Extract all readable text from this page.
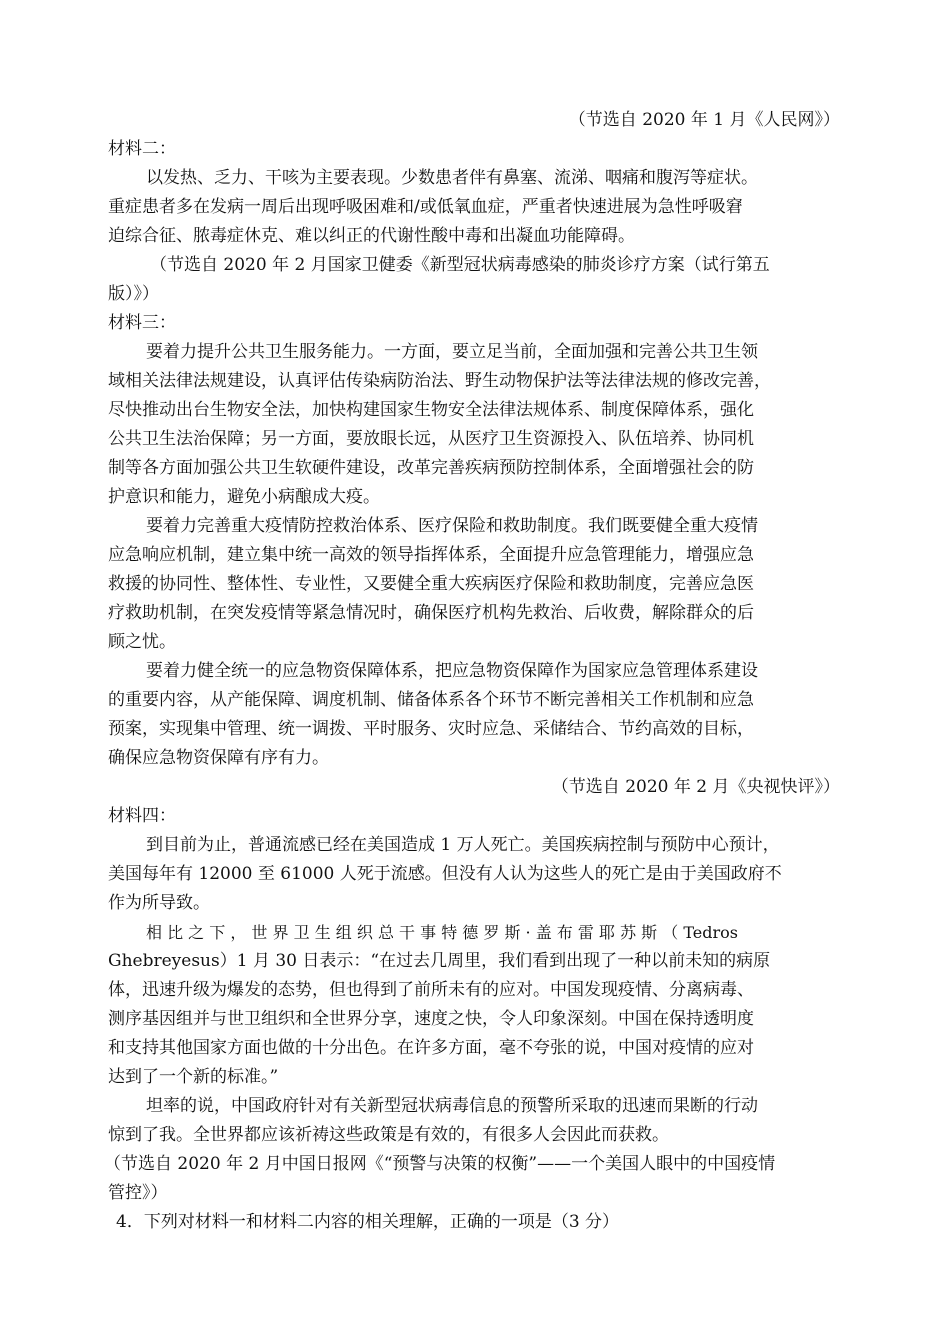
（节选自 2020 年 1 月《人民网》）
材料二：
以发热、乏力、干咳为主要表现。少数患者伴有鼻塞、流涕、咽痛和腹泻等症状。
重症患者多在发病一周后出现呼吸困难和/或低氧血症，严重者快速进展为急性呼吸窘
迫综合征、脓毒症休克、难以纠正的代谢性酸中毒和出凝血功能障碍。
（节选自 2020 年 2 月国家卫健委《新型冠状病毒感染的肺炎诊疗方案（试行第五
版）》）
材料三：
要着力提升公共卫生服务能力。一方面，要立足当前，全面加强和完善公共卫生领
域相关法律法规建设，认真评估传染病防治法、野生动物保护法等法律法规的修改完善，
尽快推动出台生物安全法，加快构建国家生物安全法律法规体系、制度保障体系，强化
公共卫生法治保障；另一方面，要放眼长远，从医疗卫生资源投入、队伍培养、协同机
制等各方面加强公共卫生软硬件建设，改革完善疾病预防控制体系，全面增强社会的防
护意识和能力，避免小病酿成大疫。
要着力完善重大疫情防控救治体系、医疗保险和救助制度。我们既要健全重大疫情
应急响应机制，建立集中统一高效的领导指挥体系，全面提升应急管理能力，增强应急
救援的协同性、整体性、专业性，又要健全重大疾病医疗保险和救助制度，完善应急医
疗救助机制，在突发疫情等紧急情况时，确保医疗机构先救治、后收费，解除群众的后
顾之忧。
要着力健全统一的应急物资保障体系，把应急物资保障作为国家应急管理体系建设
的重要内容，从产能保障、调度机制、储备体系各个环节不断完善相关工作机制和应急
预案，实现集中管理、统一调拨、平时服务、灾时应急、采储结合、节约高效的目标，
确保应急物资保障有序有力。
（节选自 2020 年 2 月《央视快评》）
材料四：
到目前为止，普通流感已经在美国造成 1 万人死亡。美国疾病控制与预防中心预计，
美国每年有 12000 至 61000 人死于流感。但没有人认为这些人的死亡是由于美国政府不
作为所导致。
相 比 之 下 ， 世 界 卫 生 组 织 总 干 事 特 德 罗 斯 · 盖 布 雷 耶 苏 斯 （ Tedros
Ghebreyesus）1 月 30 日表示：“在过去几周里，我们看到出现了一种以前未知的病原
体，迅速升级为爆发的态势，但也得到了前所未有的应对。中国发现疫情、分离病毒、
测序基因组并与世卫组织和全世界分享，速度之快，令人印象深刻。中国在保持透明度
和支持其他国家方面也做的十分出色。在许多方面，毫不夸张的说，中国对疫情的应对
达到了一个新的标准。”
坦率的说，中国政府针对有关新型冠状病毒信息的预警所采取的迅速而果断的行动
惊到了我。全世界都应该祈祷这些政策是有效的，有很多人会因此而获救。
（节选自 2020 年 2 月中国日报网《“预警与决策的权衡”——一个美国人眼中的中国疫情
管控》）
4．下列对材料一和材料二内容的相关理解，正确的一项是（3 分）
